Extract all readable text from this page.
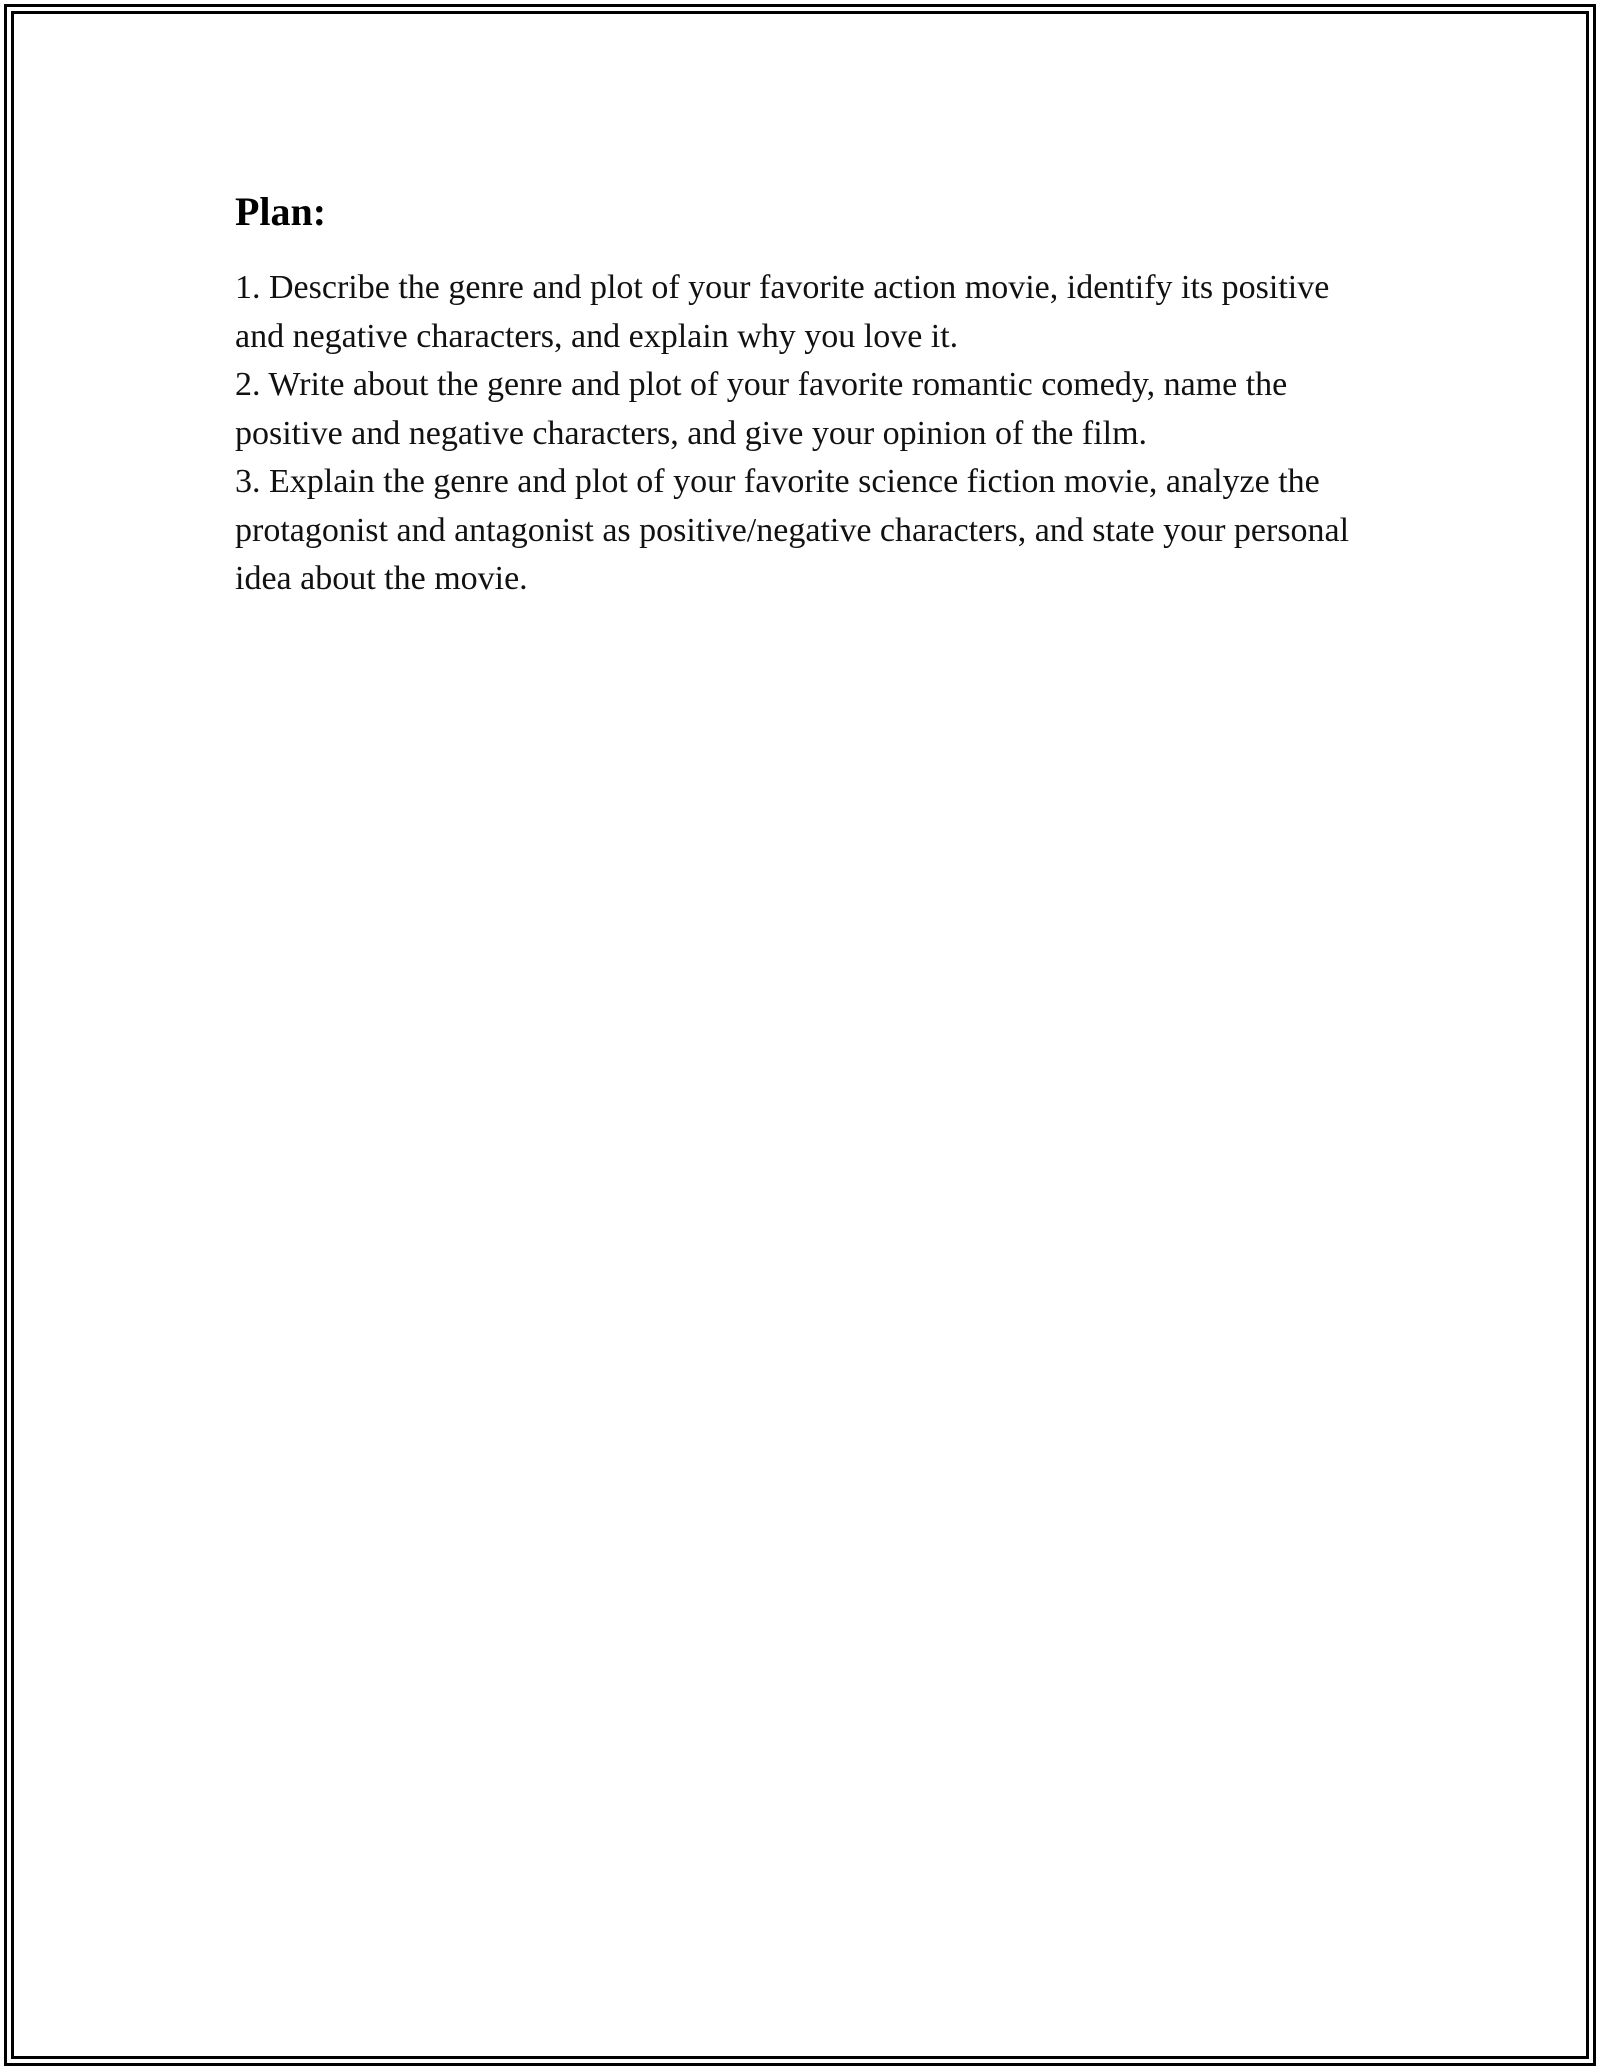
Plan:
1. Describe the genre and plot of your favorite action movie, identify its positive and negative characters, and explain why you love it.
2. Write about the genre and plot of your favorite romantic comedy, name the positive and negative characters, and give your opinion of the film.
3. Explain the genre and plot of your favorite science fiction movie, analyze the protagonist and antagonist as positive/negative characters, and state your personal idea about the movie.
